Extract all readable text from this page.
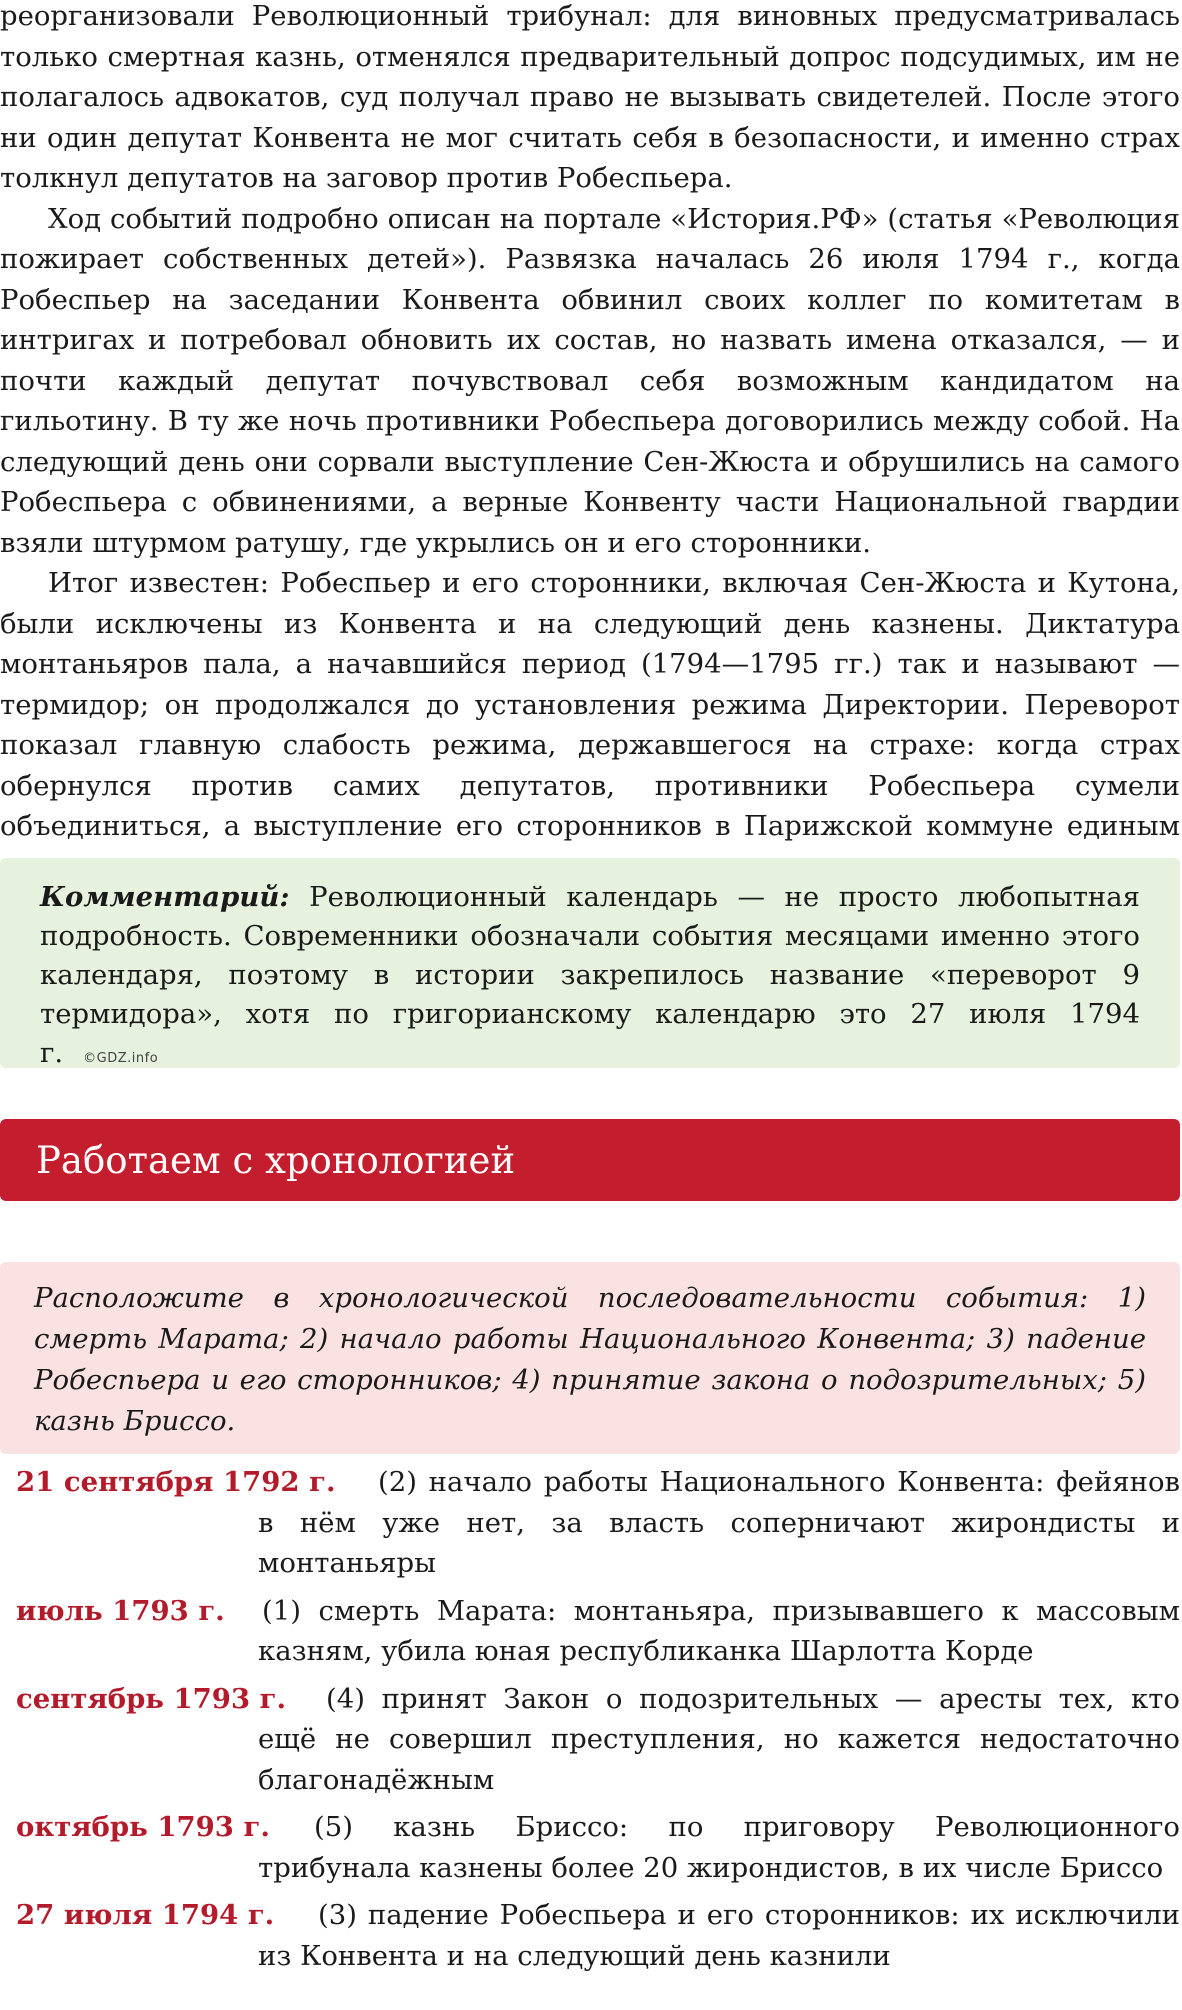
реорганизовали Революционный трибунал: для виновных предусматривалась только смертная казнь, отменялся предварительный допрос подсудимых, им не полагалось адвокатов, суд получал право не вызывать свидетелей. После этого ни один депутат Конвента не мог считать себя в безопасности, и именно страх толкнул депутатов на заговор против Робеспьера.

Ход событий подробно описан на портале «История.РФ» (статья «Революция пожирает собственных детей»). Развязка началась 26 июля 1794 г., когда Робеспьер на заседании Конвента обвинил своих коллег по комитетам в интригах и потребовал обновить их состав, но назвать имена отказался, — и почти каждый депутат почувствовал себя возможным кандидатом на гильотину. В ту же ночь противники Робеспьера договорились между собой. На следующий день они сорвали выступление Сен-Жюста и обрушились на самого Робеспьера с обвинениями, а верные Конвенту части Национальной гвардии взяли штурмом ратушу, где укрылись он и его сторонники.

Итог известен: Робеспьер и его сторонники, включая Сен-Жюста и Кутона, были исключены из Конвента и на следующий день казнены. Диктатура монтаньяров пала, а начавшийся период (1794—1795 гг.) так и называют — термидор; он продолжался до установления режима Директории. Переворот показал главную слабость режима, державшегося на страхе: когда страх обернулся против самих депутатов, противники Робеспьера сумели объединиться, а выступление его сторонников в Парижской коммуне единым

Комментарий: Революционный календарь — не просто любопытная подробность. Современники обозначали события месяцами именно этого календаря, поэтому в истории закрепилось название «переворот 9 термидора», хотя по григорианскому календарю это 27 июля 1794 г. ©GDZ.info

Работаем с хронологией

Расположите в хронологической последовательности события: 1) смерть Марата; 2) начало работы Национального Конвента; 3) падение Робеспьера и его сторонников; 4) принятие закона о подозрительных; 5) казнь Бриссо.

21 сентября 1792 г. (2) начало работы Национального Конвента: фейянов в нём уже нет, за власть соперничают жирондисты и монтаньяры
июль 1793 г. (1) смерть Марата: монтаньяра, призывавшего к массовым казням, убила юная республиканка Шарлотта Корде
сентябрь 1793 г. (4) принят Закон о подозрительных — аресты тех, кто ещё не совершил преступления, но кажется недостаточно благонадёжным
октябрь 1793 г. (5) казнь Бриссо: по приговору Революционного трибунала казнены более 20 жирондистов, в их числе Бриссо
27 июля 1794 г. (3) падение Робеспьера и его сторонников: их исключили из Конвента и на следующий день казнили
